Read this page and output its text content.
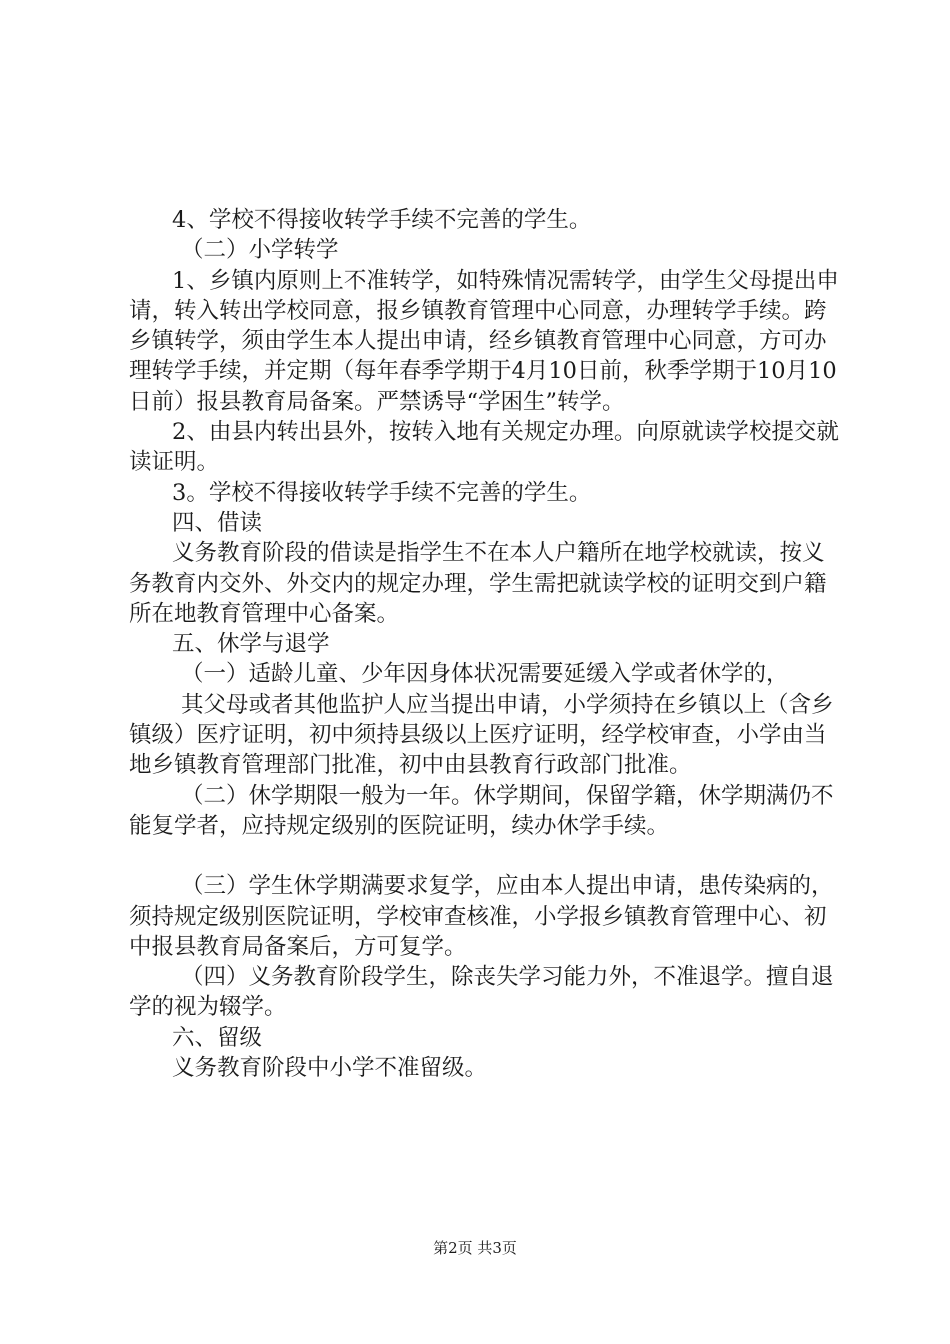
4、学校不得接收转学手续不完善的学生。

（二）小学转学

1、乡镇内原则上不准转学，如特殊情况需转学，由学生父母提出申请，转入转出学校同意，报乡镇教育管理中心同意，办理转学手续。跨乡镇转学，须由学生本人提出申请，经乡镇教育管理中心同意，方可办理转学手续，并定期（每年春季学期于4月10日前，秋季学期于10月10日前）报县教育局备案。严禁诱导“学困生”转学。

2、由县内转出县外，按转入地有关规定办理。向原就读学校提交就读证明。

3。学校不得接收转学手续不完善的学生。

四、借读

义务教育阶段的借读是指学生不在本人户籍所在地学校就读，按义务教育内交外、外交内的规定办理，学生需把就读学校的证明交到户籍所在地教育管理中心备案。

五、休学与退学

（一）适龄儿童、少年因身体状况需要延缓入学或者休学的，

其父母或者其他监护人应当提出申请，小学须持在乡镇以上（含乡镇级）医疗证明，初中须持县级以上医疗证明，经学校审查，小学由当地乡镇教育管理部门批准，初中由县教育行政部门批准。

（二）休学期限一般为一年。休学期间，保留学籍，休学期满仍不能复学者，应持规定级别的医院证明，续办休学手续。

（三）学生休学期满要求复学，应由本人提出申请，患传染病的，须持规定级别医院证明，学校审查核准，小学报乡镇教育管理中心、初中报县教育局备案后，方可复学。

（四）义务教育阶段学生，除丧失学习能力外，不准退学。擅自退学的视为辍学。

六、留级

义务教育阶段中小学不准留级。

第2页 共3页
